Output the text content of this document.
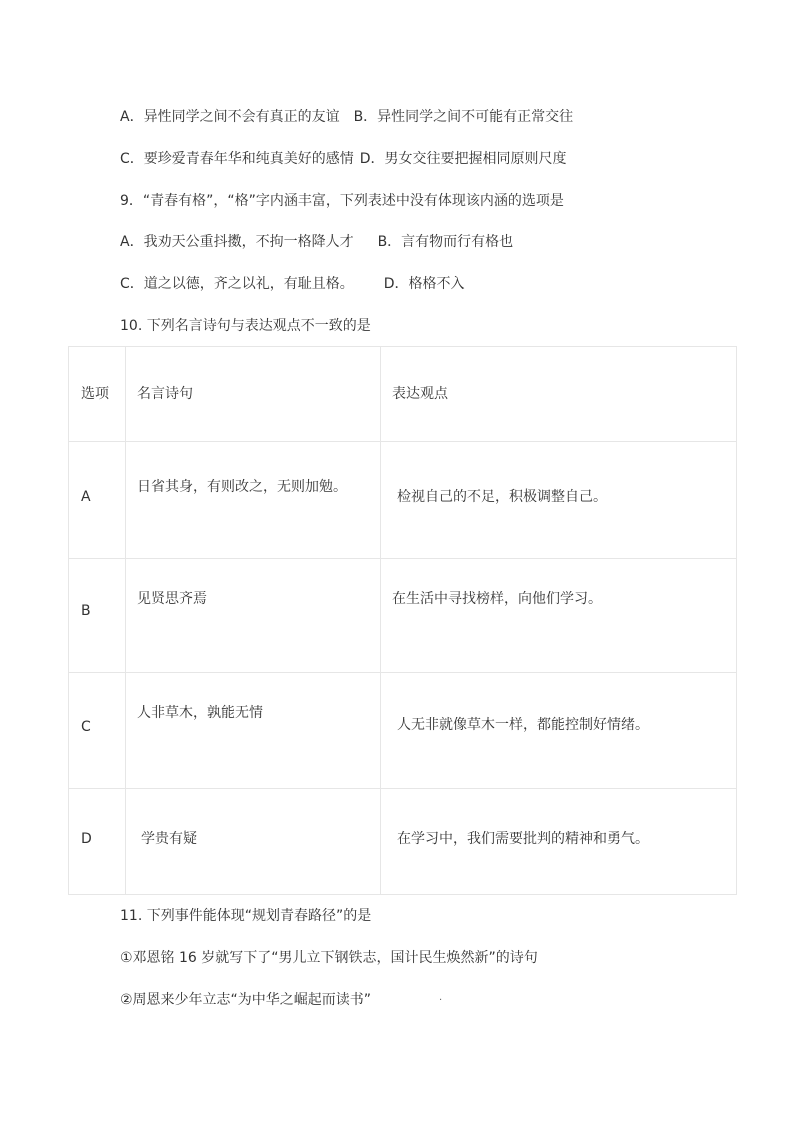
A．异性同学之间不会有真正的友谊 B．异性同学之间不可能有正常交往
C．要珍爱青春年华和纯真美好的感情 D．男女交往要把握相同原则尺度
9．“青春有格”，“格”字内涵丰富，下列表述中没有体现该内涵的选项是
A．我劝天公重抖擞，不拘一格降人才 B．言有物而行有格也
C．道之以德，齐之以礼，有耻且格。 D．格格不入
10. 下列名言诗句与表达观点不一致的是
选项	名言诗句	表达观点

A	日省其身，有则改之，无则加勉。	检视自己的不足，积极调整自己。

B	见贤思齐焉	在生活中寻找榜样，向他们学习。

C	人非草木，孰能无情	人无非就像草木一样，都能控制好情绪。

D	学贵有疑	在学习中，我们需要批判的精神和勇气。
11. 下列事件能体现“规划青春路径”的是
①邓恩铭 16 岁就写下了“男儿立下钢铁志，国计民生焕然新”的诗句
②周恩来少年立志“为中华之崛起而读书”	·
